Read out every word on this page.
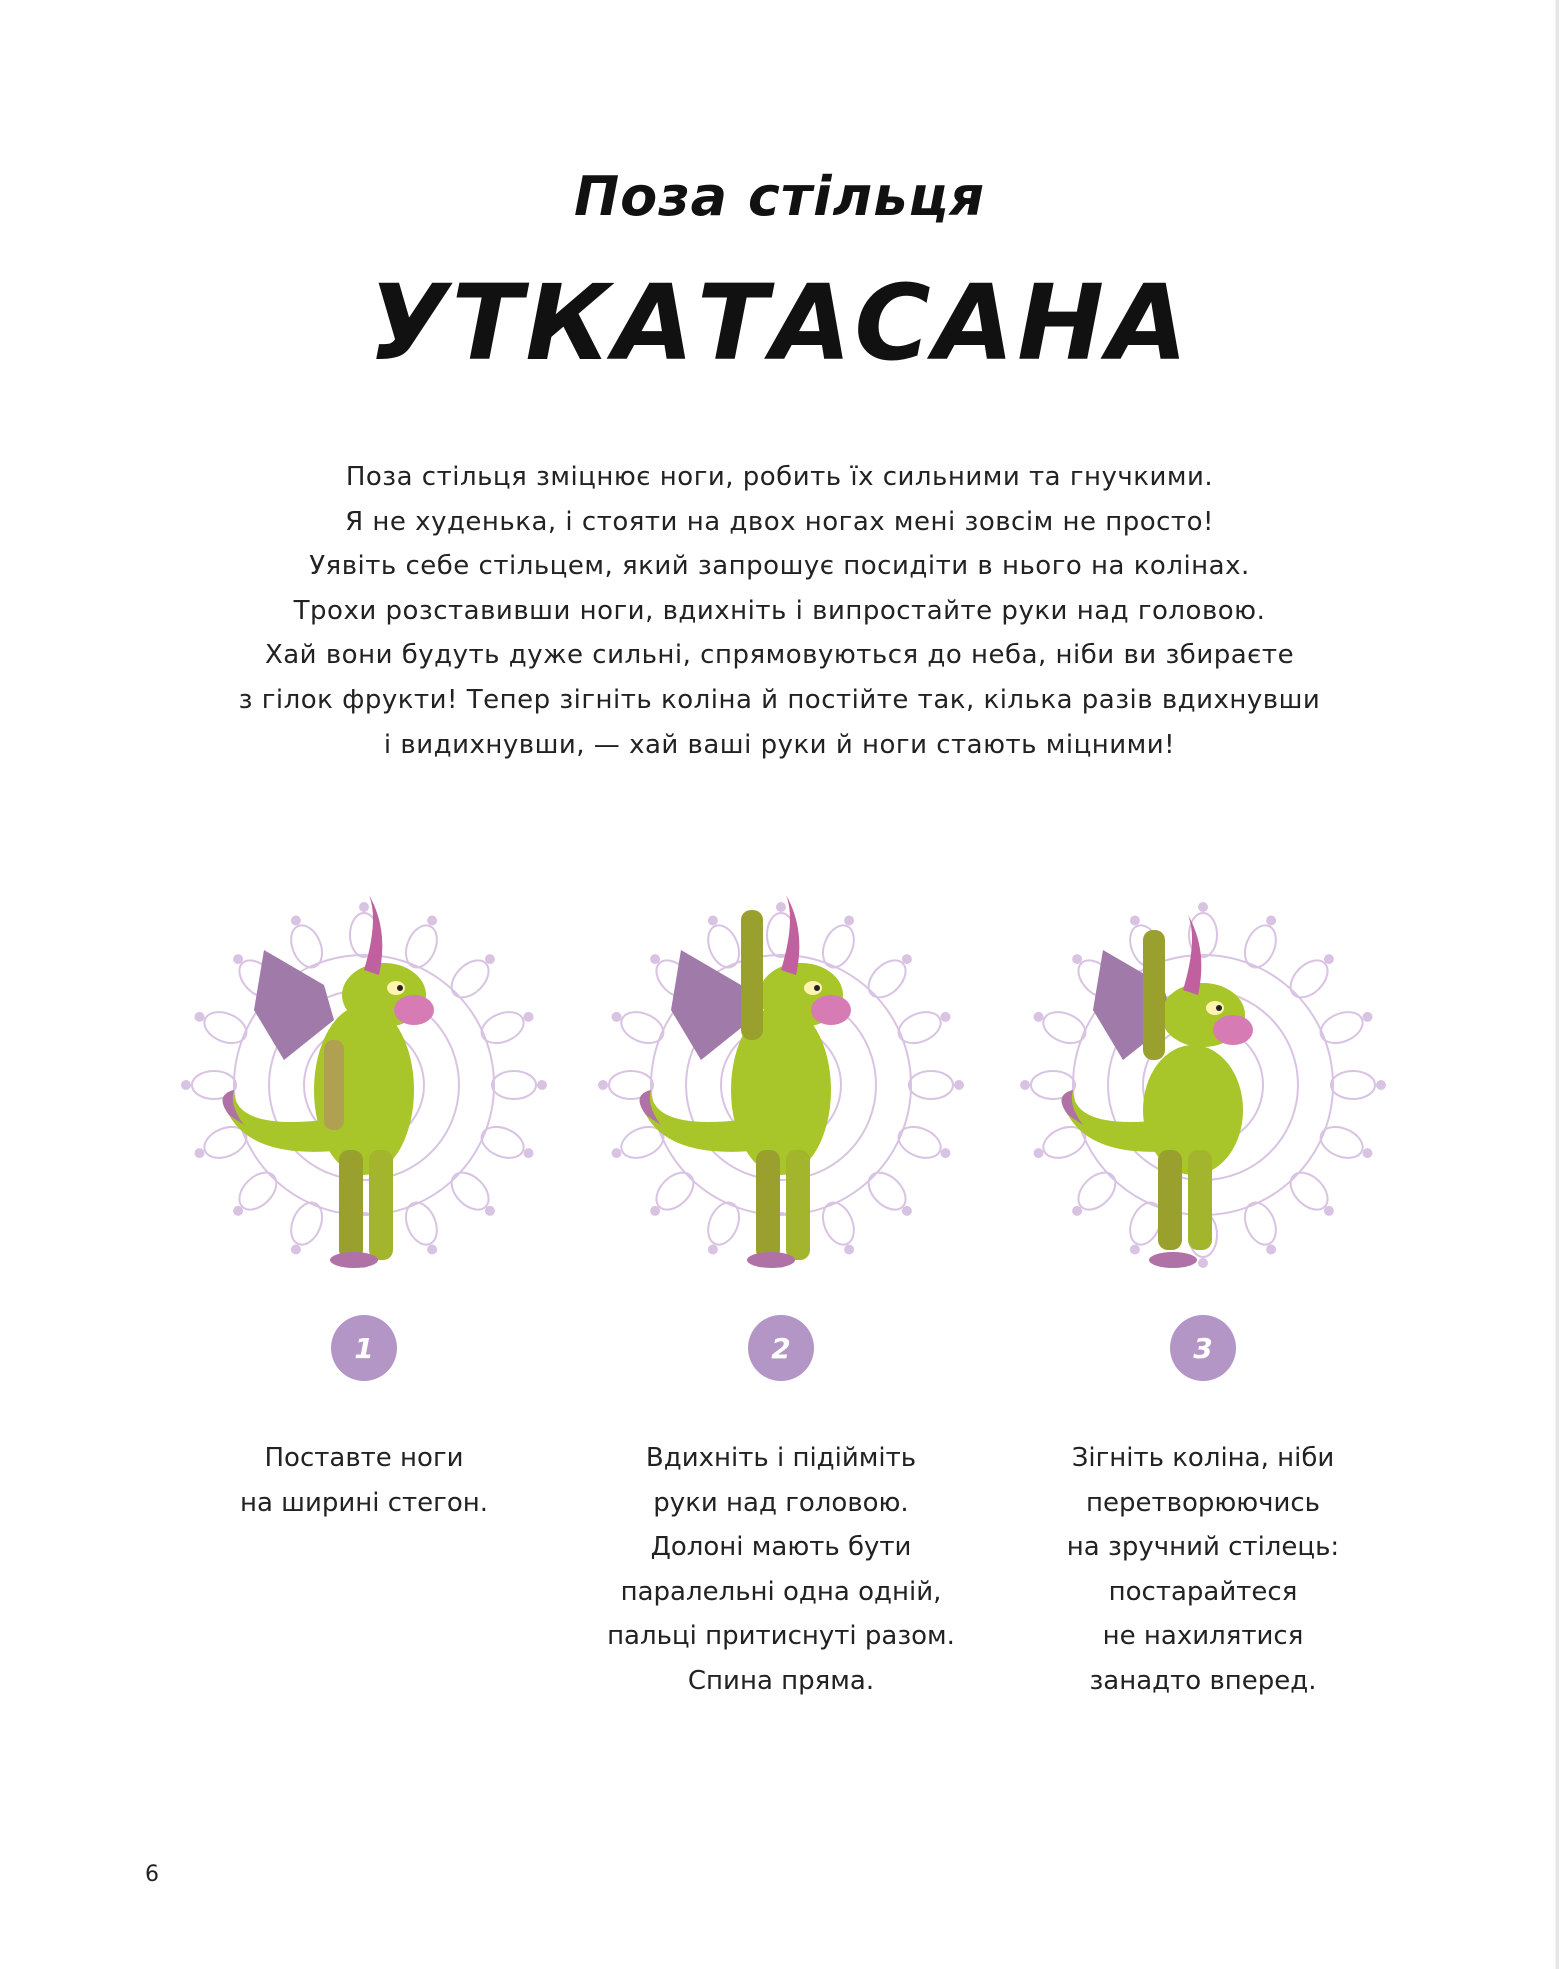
Поза стільця
УТКАТАСАНА
Поза стільця зміцнює ноги, робить їх сильними та гнучкими.
Я не худенька, і стояти на двох ногах мені зовсім не просто!
Уявіть себе стільцем, який запрошує посидіти в нього на колінах.
Трохи розставивши ноги, вдихніть і випростайте руки над головою.
Хай вони будуть дуже сильні, спрямовуються до неба, ніби ви збираєте
з гілок фрукти! Тепер зігніть коліна й постійте так, кілька разів вдихнувши
і видихнувши, — хай ваші руки й ноги стають міцними!
1
Поставте ноги
на ширині стегон.
2
Вдихніть і підійміть
руки над головою.
Долоні мають бути
паралельні одна одній,
пальці притиснуті разом.
Спина пряма.
3
Зігніть коліна, ніби
перетворюючись
на зручний стілець:
постарайтеся
не нахилятися
занадто вперед.
6
